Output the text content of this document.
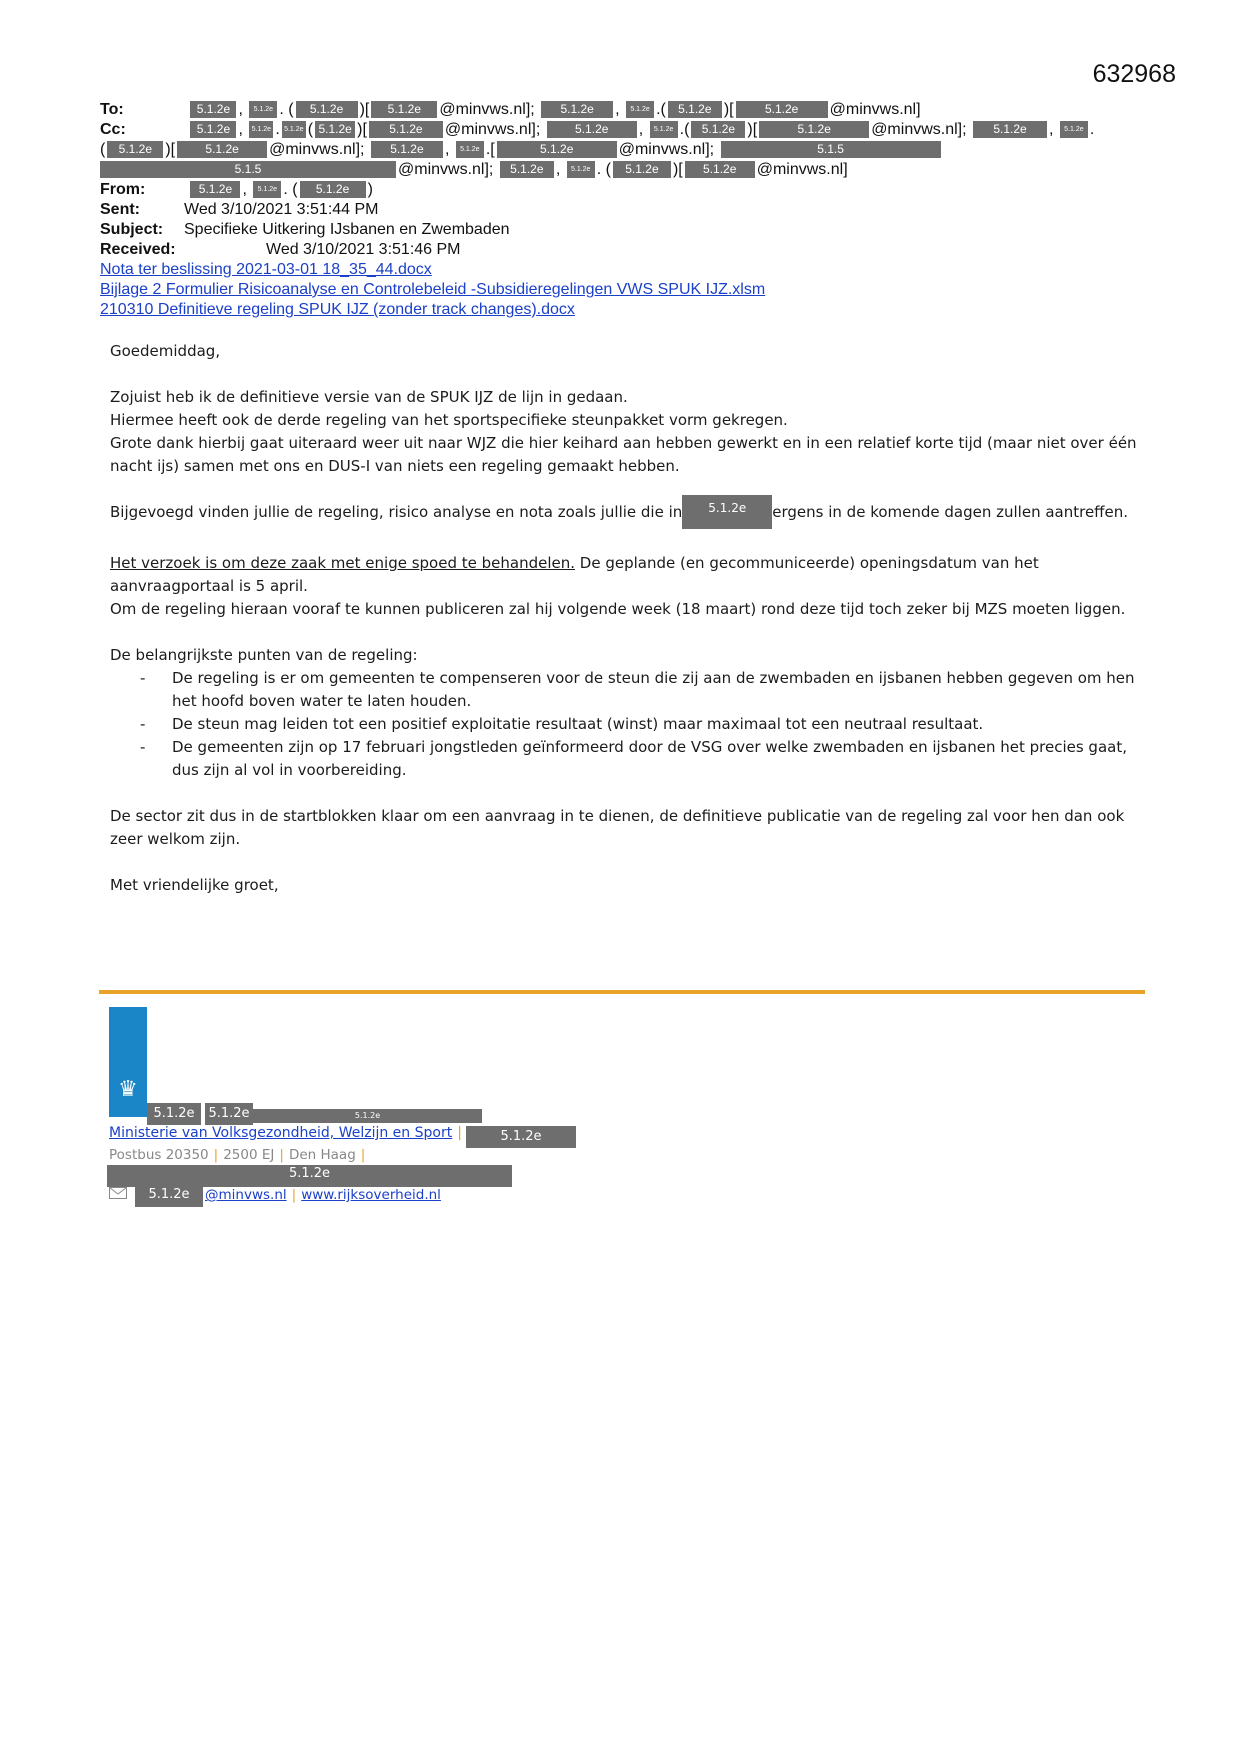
632968
To:	5.1.2e , 5.1.2e . ( 5.1.2e )[ 5.1.2e @minvws.nl]; 5.1.2e , 5.1.2e .( 5.1.2e )[	5.1.2e @minvws.nl]
Cc:	5.1.2e , 5.1.2e . 5.1.2e ( 5.1.2e )[ 5.1.2e @minvws.nl];	5.1.2e , 5.1.2e .( 5.1.2e )[	5.1.2e	@minvws.nl]; 5.1.2e , 5.1.2e .
( 5.1.2e )[	5.1.2e @minvws.nl]; 5.1.2e , 5.1.2e .[	5.1.2e	@minvws.nl];	5.1.5
5.1.5	@minvws.nl]; 5.1.2e , 5.1.2e . ( 5.1.2e )[ 5.1.2e @minvws.nl]
From:	5.1.2e , 5.1.2e . ( 5.1.2e )
Sent:	Wed 3/10/2021 3:51:44 PM
Subject: Specifieke Uitkering IJsbanen en Zwembaden
Received:	Wed 3/10/2021 3:51:46 PM
Nota ter beslissing 2021-03-01 18_35_44.docx
Bijlage 2 Formulier Risicoanalyse en Controlebeleid -Subsidieregelingen VWS SPUK IJZ.xlsm
210310 Definitieve regeling SPUK IJZ (zonder track changes).docx

Goedemiddag,

Zojuist heb ik de definitieve versie van de SPUK IJZ de lijn in gedaan.
Hiermee heeft ook de derde regeling van het sportspecifieke steunpakket vorm gekregen.
Grote dank hierbij gaat uiteraard weer uit naar WJZ die hier keihard aan hebben gewerkt en in een relatief korte tijd (maar niet over één nacht ijs) samen met ons en DUS-I van niets een regeling gemaakt hebben.

Bijgevoegd vinden jullie de regeling, risico analyse en nota zoals jullie die in 5.1.2e ergens in de komende dagen zullen aantreffen.

Het verzoek is om deze zaak met enige spoed te behandelen. De geplande (en gecommuniceerde) openingsdatum van het aanvraagportaal is 5 april.
Om de regeling hieraan vooraf te kunnen publiceren zal hij volgende week (18 maart) rond deze tijd toch zeker bij MZS moeten liggen.

De belangrijkste punten van de regeling:
- De regeling is er om gemeenten te compenseren voor de steun die zij aan de zwembaden en ijsbanen hebben gegeven om hen het hoofd boven water te laten houden.
- De steun mag leiden tot een positief exploitatie resultaat (winst) maar maximaal tot een neutraal resultaat.
- De gemeenten zijn op 17 februari jongstleden geïnformeerd door de VSG over welke zwembaden en ijsbanen het precies gaat, dus zijn al vol in voorbereiding.

De sector zit dus in de startblokken klaar om een aanvraag in te dienen, de definitieve publicatie van de regeling zal voor hen dan ook zeer welkom zijn.

Met vriendelijke groet,

♛
5.1.2e	5.1.2e	5.1.2e
Ministerie van Volksgezondheid, Welzijn en Sport |	5.1.2e
Postbus 20350 | 2500 EJ | Den Haag |
5.1.2e
5.1.2e	@minvws.nl | www.rijksoverheid.nl
